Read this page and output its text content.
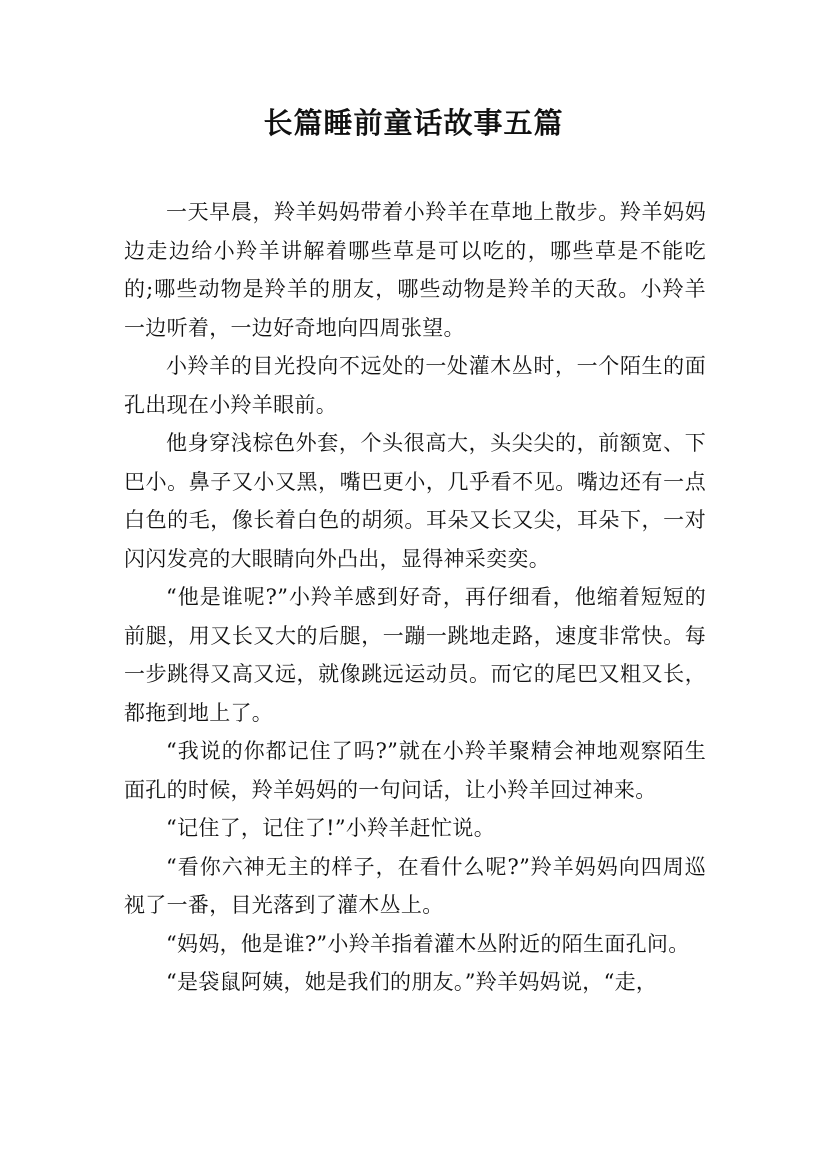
长篇睡前童话故事五篇

一天早晨，羚羊妈妈带着小羚羊在草地上散步。羚羊妈妈边走边给小羚羊讲解着哪些草是可以吃的，哪些草是不能吃的;哪些动物是羚羊的朋友，哪些动物是羚羊的天敌。小羚羊一边听着，一边好奇地向四周张望。

小羚羊的目光投向不远处的一处灌木丛时，一个陌生的面孔出现在小羚羊眼前。

他身穿浅棕色外套，个头很高大，头尖尖的，前额宽、下巴小。鼻子又小又黑，嘴巴更小，几乎看不见。嘴边还有一点白色的毛，像长着白色的胡须。耳朵又长又尖，耳朵下，一对闪闪发亮的大眼睛向外凸出，显得神采奕奕。

“他是谁呢?”小羚羊感到好奇，再仔细看，他缩着短短的前腿，用又长又大的后腿，一蹦一跳地走路，速度非常快。每一步跳得又高又远，就像跳远运动员。而它的尾巴又粗又长，都拖到地上了。

“我说的你都记住了吗?”就在小羚羊聚精会神地观察陌生面孔的时候，羚羊妈妈的一句问话，让小羚羊回过神来。

“记住了，记住了!”小羚羊赶忙说。

“看你六神无主的样子，在看什么呢?”羚羊妈妈向四周巡视了一番，目光落到了灌木丛上。

“妈妈，他是谁?”小羚羊指着灌木丛附近的陌生面孔问。

“是袋鼠阿姨，她是我们的朋友。”羚羊妈妈说，“走，
